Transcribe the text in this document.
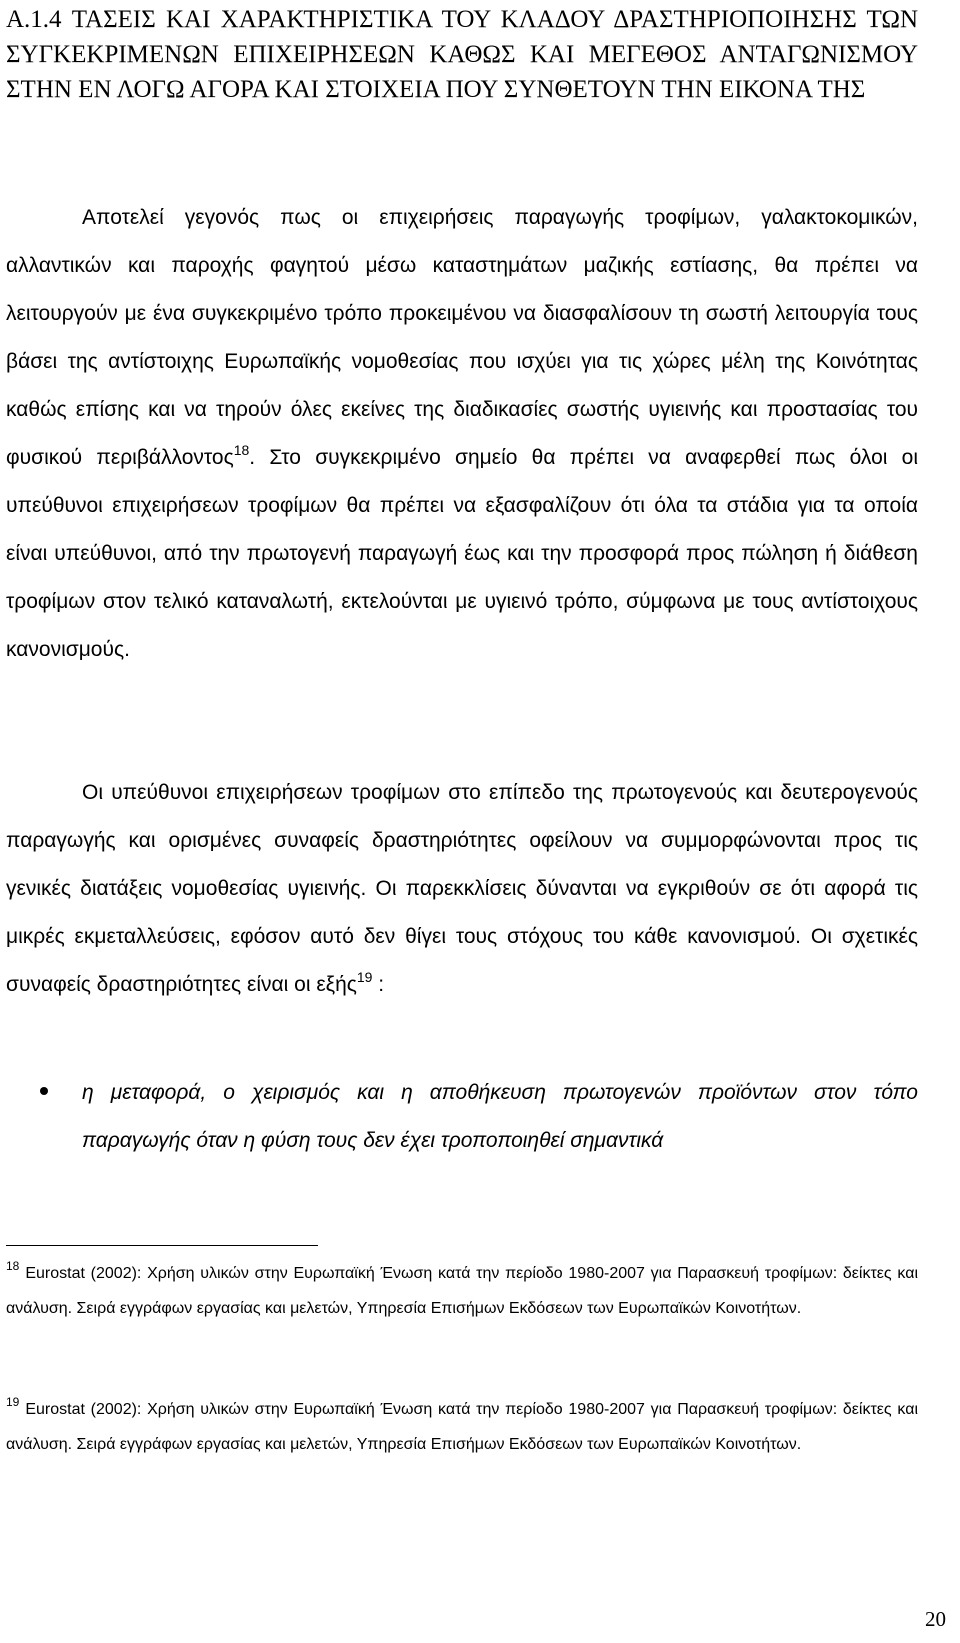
A.1.4 ΤΑΣΕΙΣ ΚΑΙ ΧΑΡΑΚΤΗΡΙΣΤΙΚΑ ΤΟΥ ΚΛΑΔΟΥ ΔΡΑΣΤΗΡΙΟΠΟΙΗΣΗΣ ΤΩΝ ΣΥΓΚΕΚΡΙΜΕΝΩΝ ΕΠΙΧΕΙΡΗΣΕΩΝ ΚΑΘΩΣ ΚΑΙ ΜΕΓΕΘΟΣ ΑΝΤΑΓΩΝΙΣΜΟΥ ΣΤΗΝ ΕΝ ΛΟΓΩ ΑΓΟΡΑ ΚΑΙ ΣΤΟΙΧΕΙΑ ΠΟΥ ΣΥΝΘΕΤΟΥΝ ΤΗΝ ΕΙΚΟΝΑ ΤΗΣ

Αποτελεί γεγονός πως οι επιχειρήσεις παραγωγής τροφίμων, γαλακτοκομικών, αλλαντικών και παροχής φαγητού μέσω καταστημάτων μαζικής εστίασης, θα πρέπει να λειτουργούν με ένα συγκεκριμένο τρόπο προκειμένου να διασφαλίσουν τη σωστή λειτουργία τους βάσει της αντίστοιχης Ευρωπαϊκής νομοθεσίας που ισχύει για τις χώρες μέλη της Κοινότητας καθώς επίσης και να τηρούν όλες εκείνες της διαδικασίες σωστής υγιεινής και προστασίας του φυσικού περιβάλλοντος$^{18}$. Στο συγκεκριμένο σημείο θα πρέπει να αναφερθεί πως όλοι οι υπεύθυνοι επιχειρήσεων τροφίμων θα πρέπει να εξασφαλίζουν ότι όλα τα στάδια για τα οποία είναι υπεύθυνοι, από την πρωτογενή παραγωγή έως και την προσφορά προς πώληση ή διάθεση τροφίμων στον τελικό καταναλωτή, εκτελούνται με υγιεινό τρόπο, σύμφωνα με τους αντίστοιχους κανονισμούς.

Οι υπεύθυνοι επιχειρήσεων τροφίμων στο επίπεδο της πρωτογενούς και δευτερογενούς παραγωγής και ορισμένες συναφείς δραστηριότητες οφείλουν να συμμορφώνονται προς τις γενικές διατάξεις νομοθεσίας υγιεινής. Οι παρεκκλίσεις δύνανται να εγκριθούν σε ότι αφορά τις μικρές εκμεταλλεύσεις, εφόσον αυτό δεν θίγει τους στόχους του κάθε κανονισμού. Οι σχετικές συναφείς δραστηριότητες είναι οι εξής$^{19}$ :

η μεταφορά, ο χειρισμός και η αποθήκευση πρωτογενών προϊόντων στον τόπο παραγωγής όταν η φύση τους δεν έχει τροποποιηθεί σημαντικά

$^{18}$ Eurostat (2002): Χρήση υλικών στην Ευρωπαϊκή Ένωση κατά την περίοδο 1980-2007 για Παρασκευή τροφίμων: δείκτες και ανάλυση. Σειρά εγγράφων εργασίας και μελετών, Υπηρεσία Επισήμων Εκδόσεων των Ευρωπαϊκών Κοινοτήτων.

$^{19}$ Eurostat (2002): Χρήση υλικών στην Ευρωπαϊκή Ένωση κατά την περίοδο 1980-2007 για Παρασκευή τροφίμων: δείκτες και ανάλυση. Σειρά εγγράφων εργασίας και μελετών, Υπηρεσία Επισήμων Εκδόσεων των Ευρωπαϊκών Κοινοτήτων.

20
